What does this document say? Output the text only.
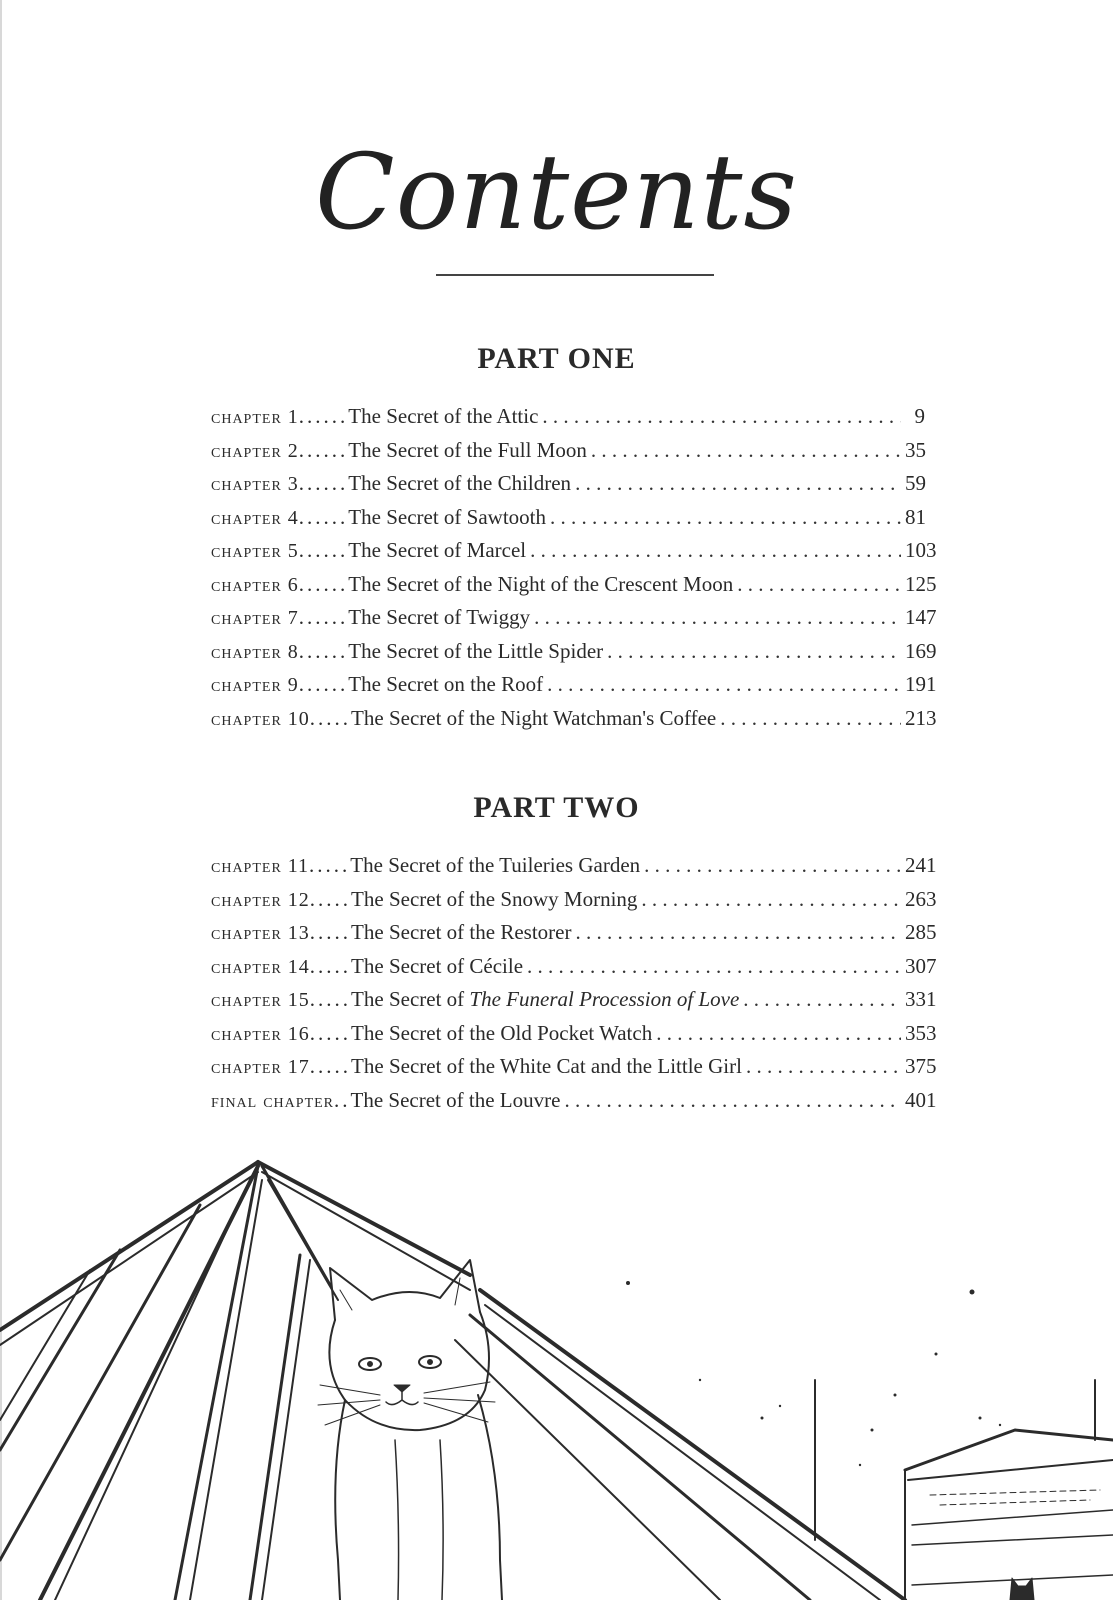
Contents
PART ONE
chapter 1 ...... The Secret of the Attic . . .	9
chapter 2 ...... The Secret of the Full Moon . . .	35
chapter 3 ...... The Secret of the Children . . .	59
chapter 4 ...... The Secret of Sawtooth . . .	81
chapter 5 ...... The Secret of Marcel . . .	103
chapter 6 ...... The Secret of the Night of the Crescent Moon . . .	125
chapter 7 ...... The Secret of Twiggy . . .	147
chapter 8 ...... The Secret of the Little Spider . . .	169
chapter 9 ...... The Secret on the Roof . . .	191
chapter 10 ..... The Secret of the Night Watchman's Coffee . . .	213
PART TWO
chapter 11 ..... The Secret of the Tuileries Garden . . .	241
chapter 12 ..... The Secret of the Snowy Morning . . .	263
chapter 13 ..... The Secret of the Restorer . . .	285
chapter 14 ..... The Secret of Cécile . . .	307
chapter 15 ..... The Secret of The Funeral Procession of Love . . .	331
chapter 16 ..... The Secret of the Old Pocket Watch . . .	353
chapter 17 ..... The Secret of the White Cat and the Little Girl . . .	375
final chapter .. The Secret of the Louvre . . .	401
